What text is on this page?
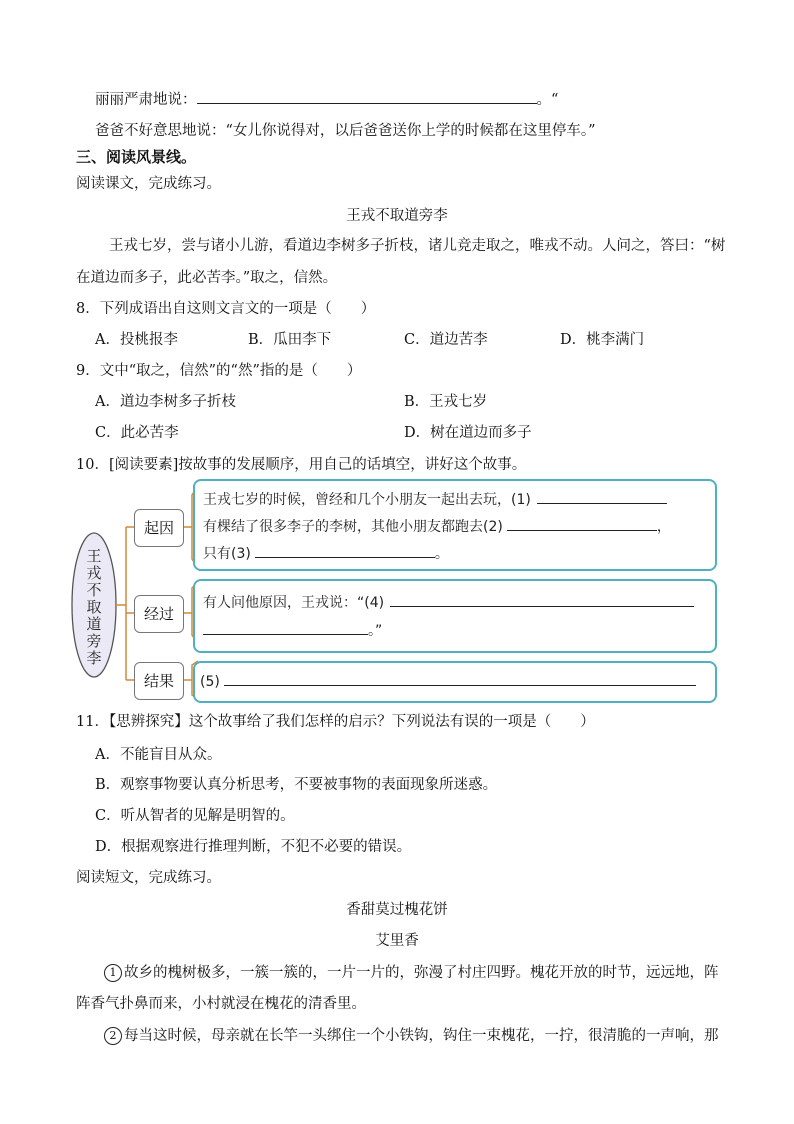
丽丽严肃地说：	。“
爸爸不好意思地说：“女儿你说得对，以后爸爸送你上学的时候都在这里停车。”
三、阅读风景线。
阅读课文，完成练习。
王戎不取道旁李
王戎七岁，尝与诸小儿游，看道边李树多子折枝，诸儿竞走取之，唯戎不动。人问之，答曰：“树
在道边而多子，此必苦李。”取之，信然。
8．下列成语出自这则文言文的一项是（　　）
A．投桃报李	B．瓜田李下	C．道边苦李	D．桃李满门
9．文中“取之，信然”的“然”指的是（　　）
A．道边李树多子折枝	B．王戎七岁
C．此必苦李	D．树在道边而多子
10．[阅读要素]按故事的发展顺序，用自己的话填空，讲好这个故事。
王戎不取道旁李
起因
经过
结果
王戎七岁的时候，曾经和几个小朋友一起出去玩，(1)
有棵结了很多李子的李树，其他小朋友都跑去(2)	，
只有(3)	。
有人问他原因，王戎说：“(4)
。”
(5)
11．【思辨探究】这个故事给了我们怎样的启示？下列说法有误的一项是（　　）
A．不能盲目从众。
B．观察事物要认真分析思考，不要被事物的表面现象所迷惑。
C．听从智者的见解是明智的。
D．根据观察进行推理判断，不犯不必要的错误。
阅读短文，完成练习。
香甜莫过槐花饼
艾里香
1 故乡的槐树极多，一簇一簇的，一片一片的，弥漫了村庄四野。槐花开放的时节，远远地，阵
阵香气扑鼻而来，小村就浸在槐花的清香里。
2 每当这时候，母亲就在长竿一头绑住一个小铁钩，钩住一束槐花，一拧，很清脆的一声响，那
